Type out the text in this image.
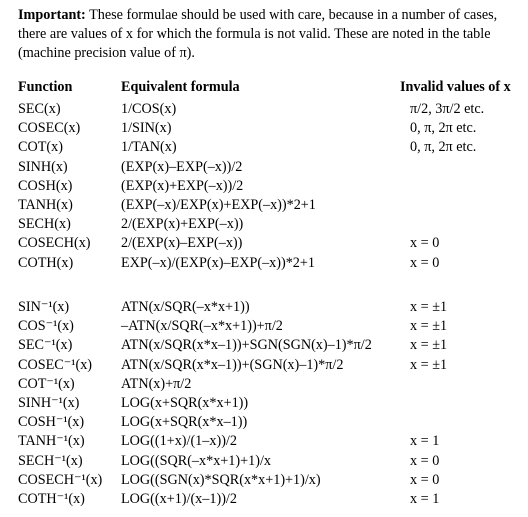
Important: These formulae should be used with care, because in a number of cases, there are values of x for which the formula is not valid. These are noted in the table (machine precision value of π).

Function	Equivalent formula	Invalid values of x
SEC(x)	1/COS(x)	π/2, 3π/2 etc.
COSEC(x)	1/SIN(x)	0, π, 2π etc.
COT(x)	1/TAN(x)	0, π, 2π etc.
SINH(x)	(EXP(x)–EXP(–x))/2
COSH(x)	(EXP(x)+EXP(–x))/2
TANH(x)	(EXP(–x)/EXP(x)+EXP(–x))*2+1
SECH(x)	2/(EXP(x)+EXP(–x))
COSECH(x) 2/(EXP(x)–EXP(–x))	x = 0
COTH(x)	EXP(–x)/(EXP(x)–EXP(–x))*2+1	x = 0
SIN⁻¹(x)	ATN(x/SQR(–x*x+1))	x = ±1
COS⁻¹(x)	–ATN(x/SQR(–x*x+1))+π/2	x = ±1
SEC⁻¹(x)	ATN(x/SQR(x*x–1))+SGN(SGN(x)–1)*π/2	x = ±1
COSEC⁻¹(x) ATN(x/SQR(x*x–1))+(SGN(x)–1)*π/2	x = ±1
COT⁻¹(x)	ATN(x)+π/2
SINH⁻¹(x)	LOG(x+SQR(x*x+1))
COSH⁻¹(x)	LOG(x+SQR(x*x–1))
TANH⁻¹(x)	LOG((1+x)/(1–x))/2	x = 1
SECH⁻¹(x)	LOG((SQR(–x*x+1)+1)/x	x = 0
COSECH⁻¹(x) LOG((SGN(x)*SQR(x*x+1)+1)/x)	x = 0
COTH⁻¹(x)	LOG((x+1)/(x–1))/2	x = 1
